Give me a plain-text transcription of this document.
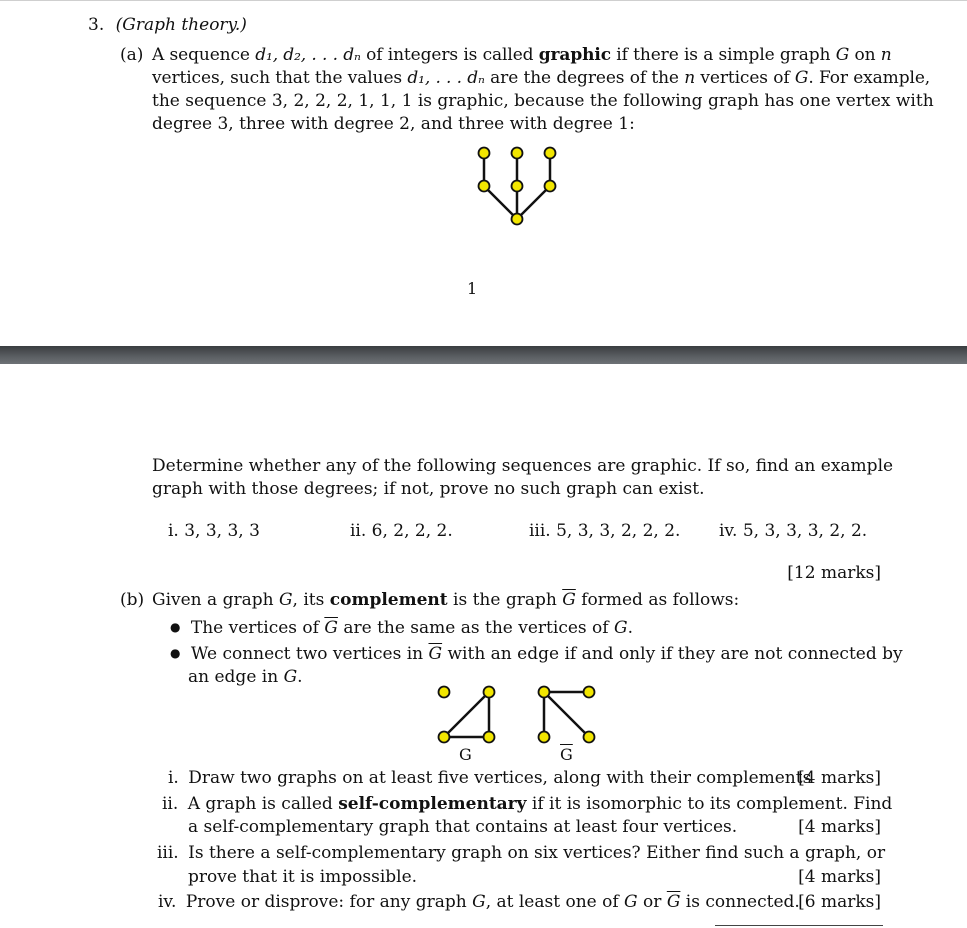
3. (Graph theory.)
(a) A sequence d₁, d₂, . . . dₙ of integers is called graphic if there is a simple graph G on n
vertices, such that the values d₁, . . . dₙ are the degrees of the n vertices of G. For example,
the sequence 3, 2, 2, 2, 1, 1, 1 is graphic, because the following graph has one vertex with
degree 3, three with degree 2, and three with degree 1:
1
Determine whether any of the following sequences are graphic. If so, find an example
graph with those degrees; if not, prove no such graph can exist.
i. 3, 3, 3, 3	ii. 6, 2, 2, 2.	iii. 5, 3, 3, 2, 2, 2. iv. 5, 3, 3, 3, 2, 2.
[12 marks]
(b) Given a graph G, its complement is the graph $\overline{G}$ formed as follows:
● The vertices of $\overline{G}$ are the same as the vertices of G.
● We connect two vertices in $\overline{G}$ with an edge if and only if they are not connected by
an edge in G.
G	$\overline{G}$
i. Draw two graphs on at least five vertices, along with their complements
[4 marks]
ii. A graph is called self-complementary if it is isomorphic to its complement. Find
a self-complementary graph that contains at least four vertices.	[4 marks]
iii. Is there a self-complementary graph on six vertices? Either find such a graph, or
prove that it is impossible.	[4 marks]
iv. Prove or disprove: for any graph G, at least one of G or $\overline{G}$ is connected.
[6 marks]
